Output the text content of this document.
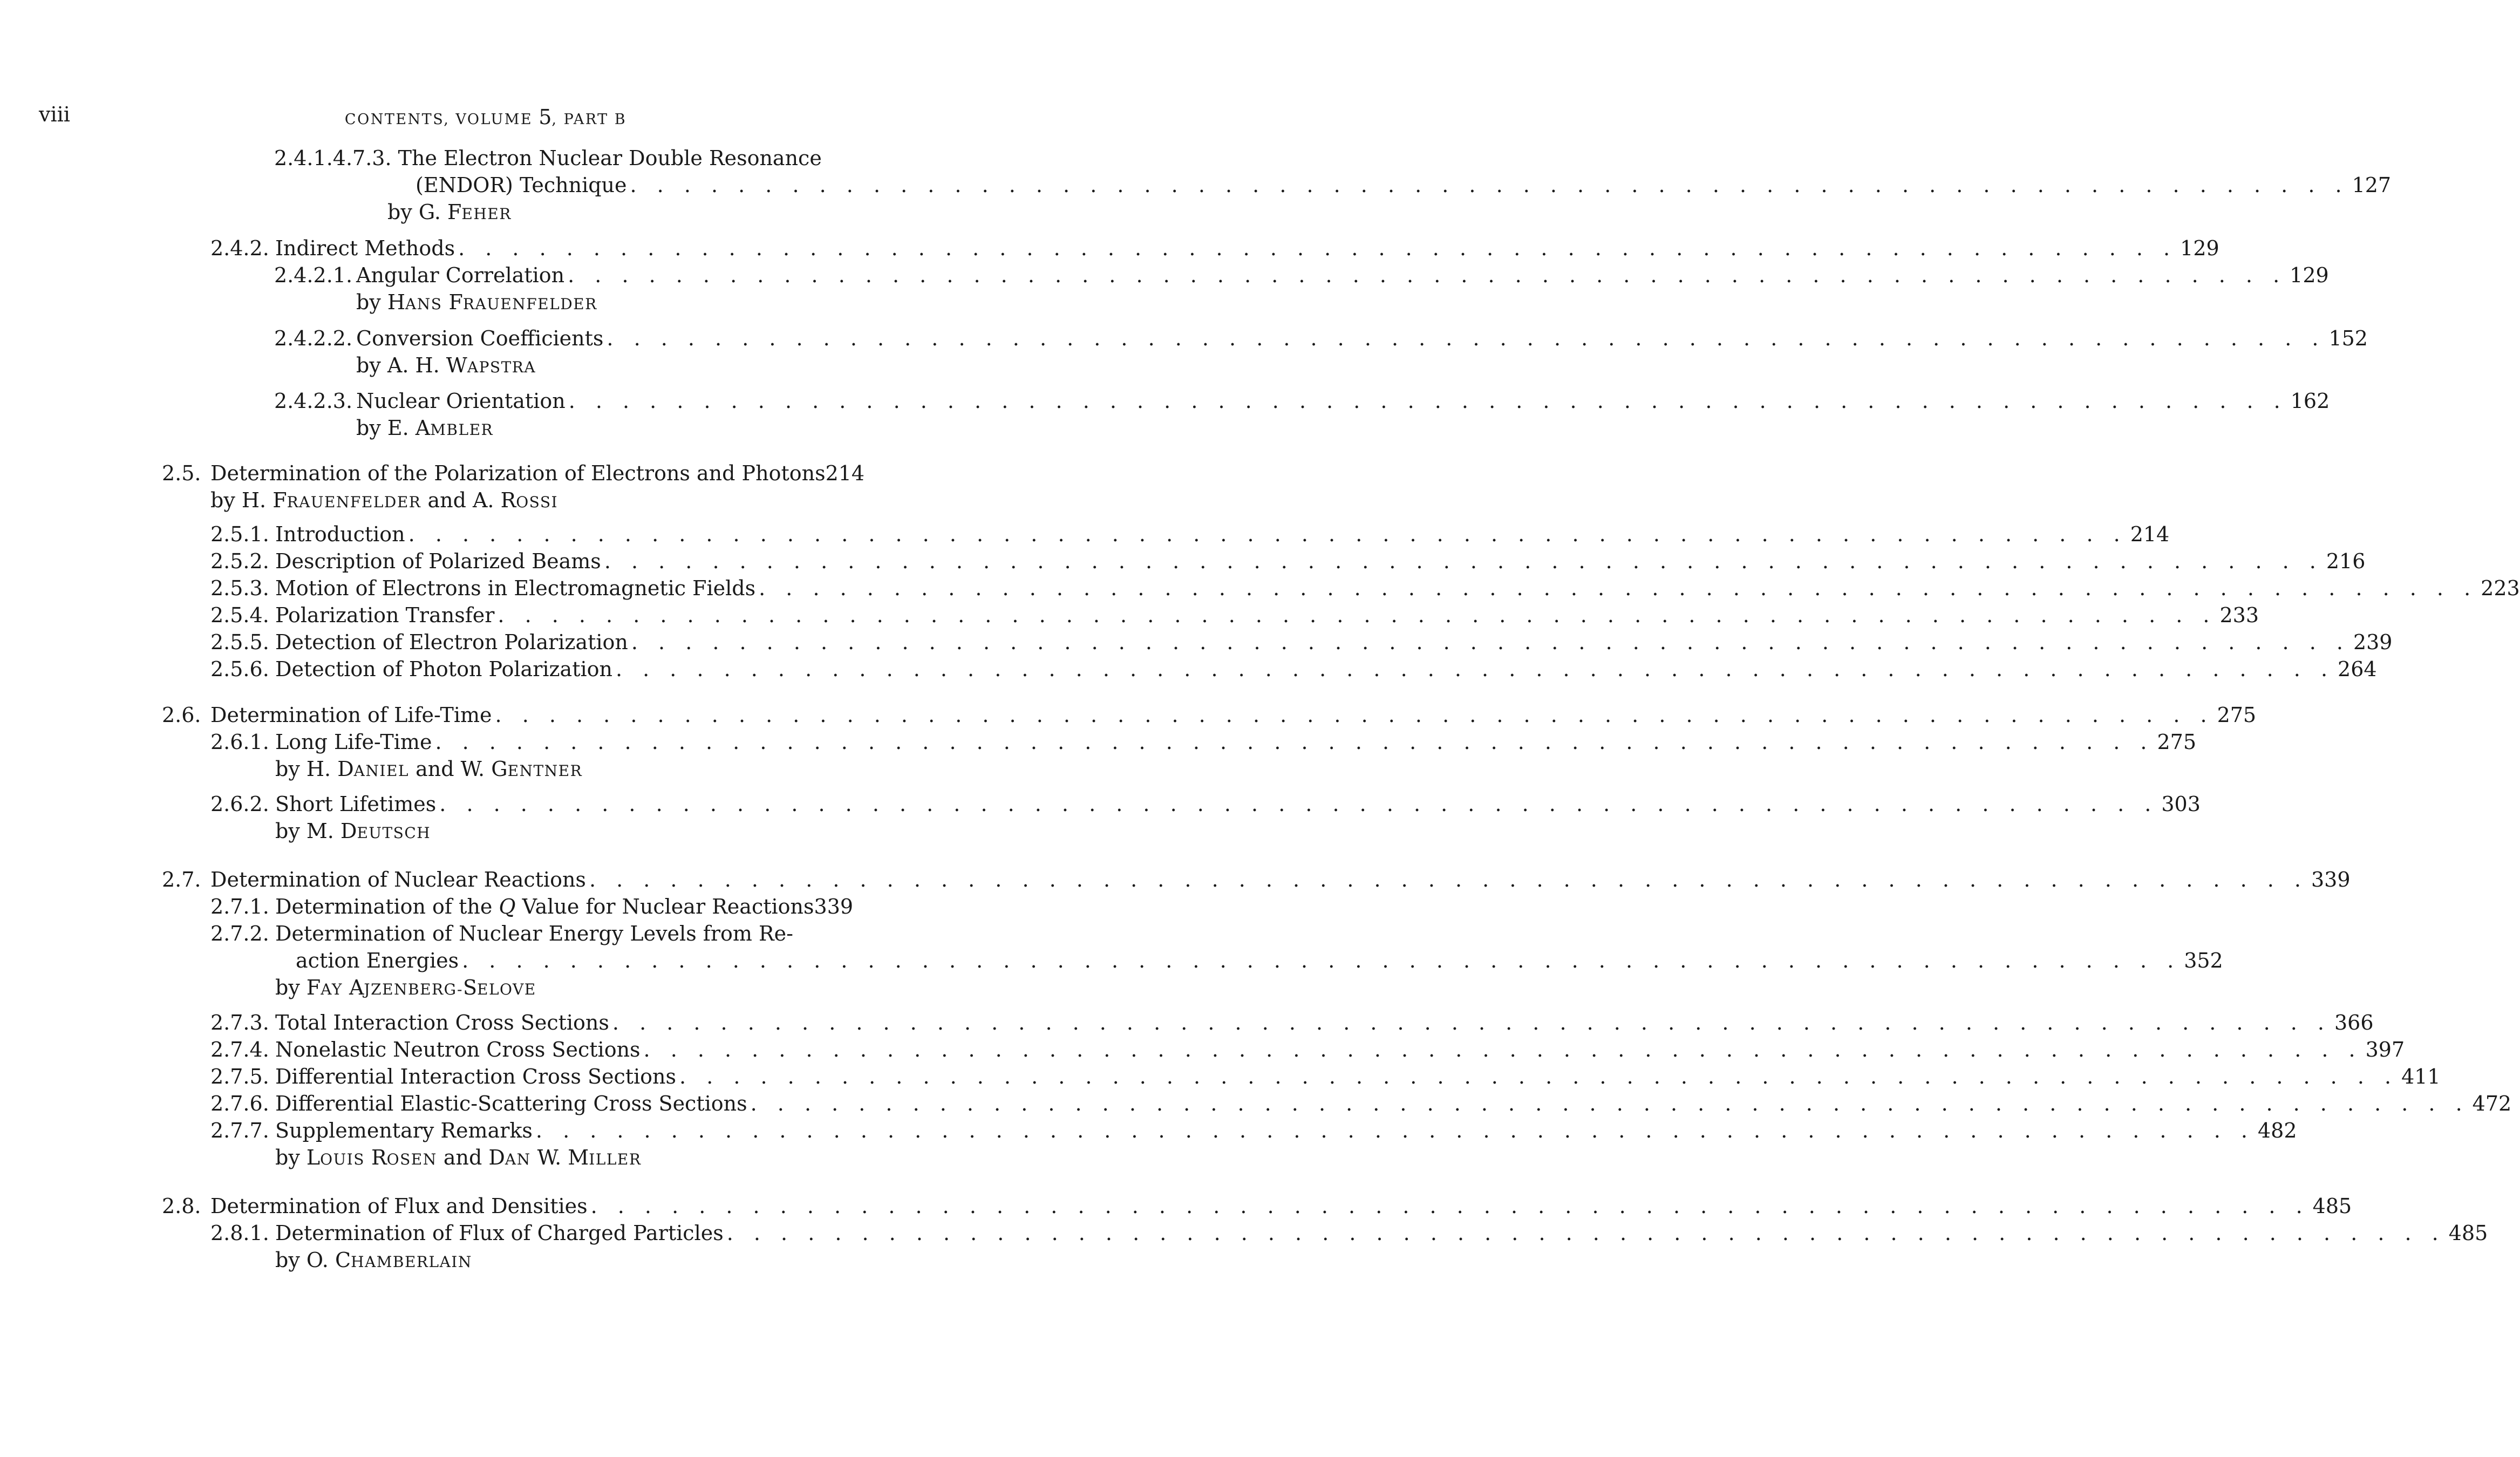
viii	CONTENTS, VOLUME 5, PART B
2.4.1.4.7.3. The Electron Nuclear Double Resonance
(ENDOR) Technique . . .	127
by G. FEHER
2.4.2. Indirect Methods . . .	129
2.4.2.1. Angular Correlation . . .	129
by HANS FRAUENFELDER
2.4.2.2. Conversion Coefficients . . .	152
by A. H. WAPSTRA
2.4.2.3. Nuclear Orientation . . .	162
by E. AMBLER
2.5. Determination of the Polarization of Electrons and Photons 214
by H. FRAUENFELDER and A. ROSSI
2.5.1. Introduction . . .	214
2.5.2. Description of Polarized Beams . . .	216
2.5.3. Motion of Electrons in Electromagnetic Fields . . .	223
2.5.4. Polarization Transfer . . .	233
2.5.5. Detection of Electron Polarization . . .	239
2.5.6. Detection of Photon Polarization . . .	264
2.6. Determination of Life-Time . . .	275
2.6.1. Long Life-Time . . .	275
by H. DANIEL and W. GENTNER
2.6.2. Short Lifetimes . . .	303
by M. DEUTSCH
2.7. Determination of Nuclear Reactions . . .	339
2.7.1. Determination of the Q Value for Nuclear Reactions 339
2.7.2. Determination of Nuclear Energy Levels from Re-
action Energies . . .	352
by FAY AJZENBERG-SELOVE
2.7.3. Total Interaction Cross Sections . . .	366
2.7.4. Nonelastic Neutron Cross Sections . . .	397
2.7.5. Differential Interaction Cross Sections . . .	411
2.7.6. Differential Elastic-Scattering Cross Sections . . .	472
2.7.7. Supplementary Remarks . . .	482
by LOUIS ROSEN and DAN W. MILLER
2.8. Determination of Flux and Densities . . .	485
2.8.1. Determination of Flux of Charged Particles . . .	485
by O. CHAMBERLAIN
